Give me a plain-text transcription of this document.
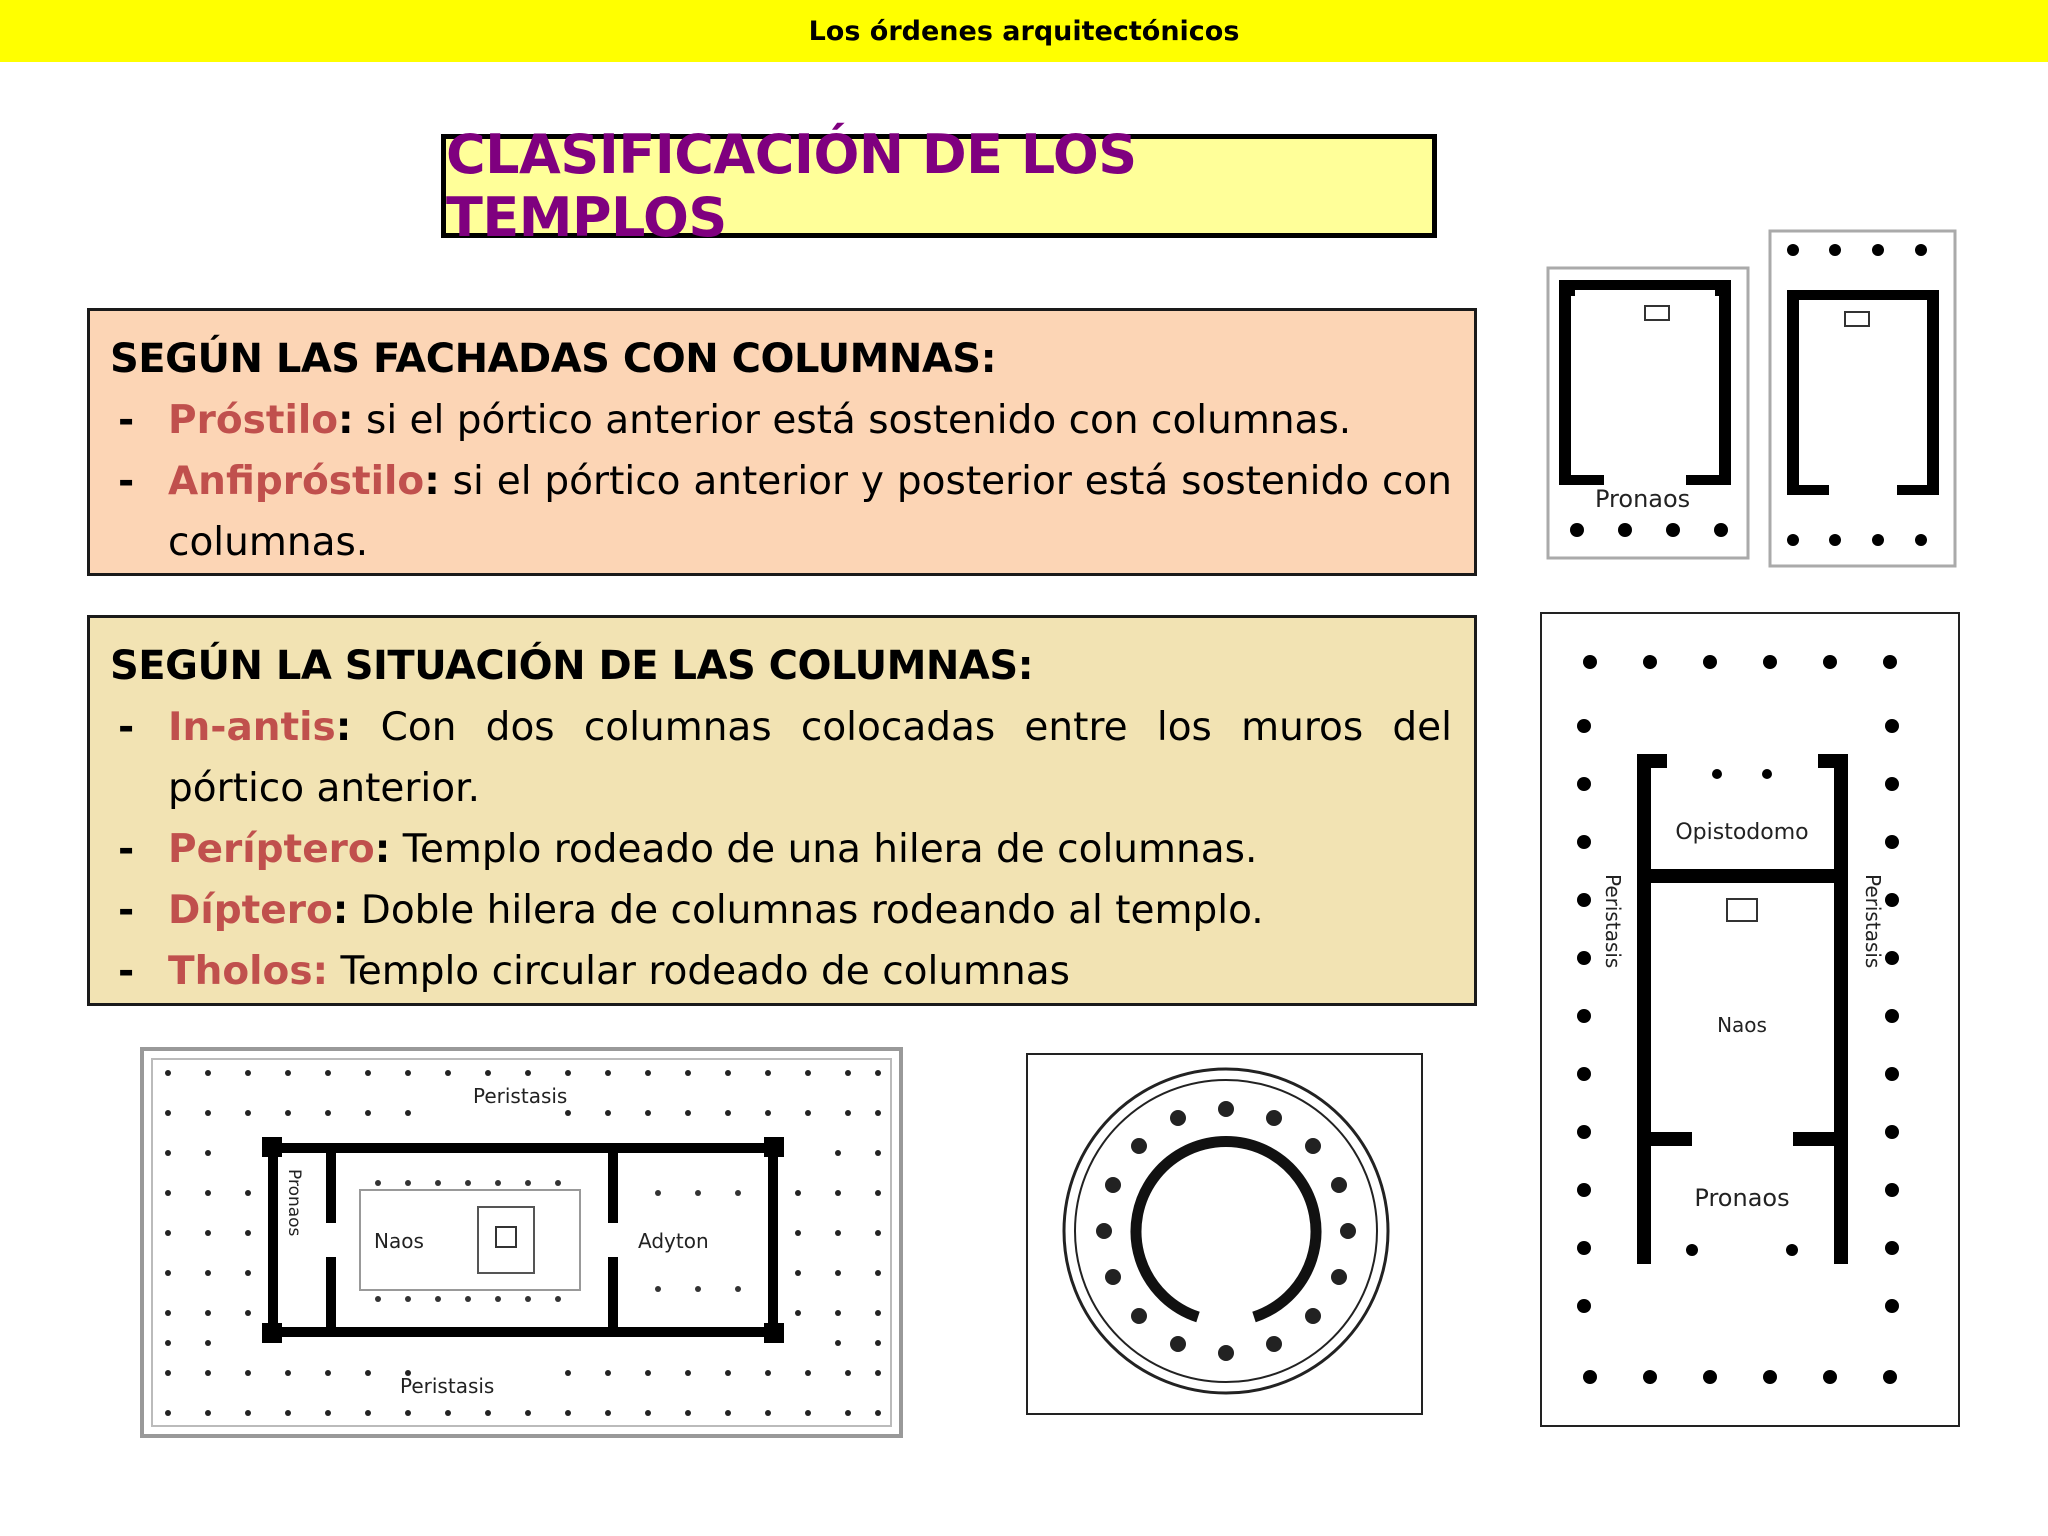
Los órdenes arquitectónicos
CLASIFICACIÓN DE LOS TEMPLOS
SEGÚN LAS FACHADAS CON COLUMNAS:
- Próstilo: si el pórtico anterior está sostenido con columnas.
- Anfipróstilo: si el pórtico anterior y posterior está sostenido con columnas.
SEGÚN LA SITUACIÓN DE LAS COLUMNAS:
- In-antis: Con dos columnas colocadas entre los muros del pórtico anterior.
- Períptero: Templo rodeado de una hilera de columnas.
- Díptero: Doble hilera de columnas rodeando al templo.
- Tholos: Templo circular rodeado de columnas
Pronaos
Opistodomo
Naos
Pronaos
Peristasis	Peristasis
Peristasis
Peristasis
Naos	Adyton
Pronaos
